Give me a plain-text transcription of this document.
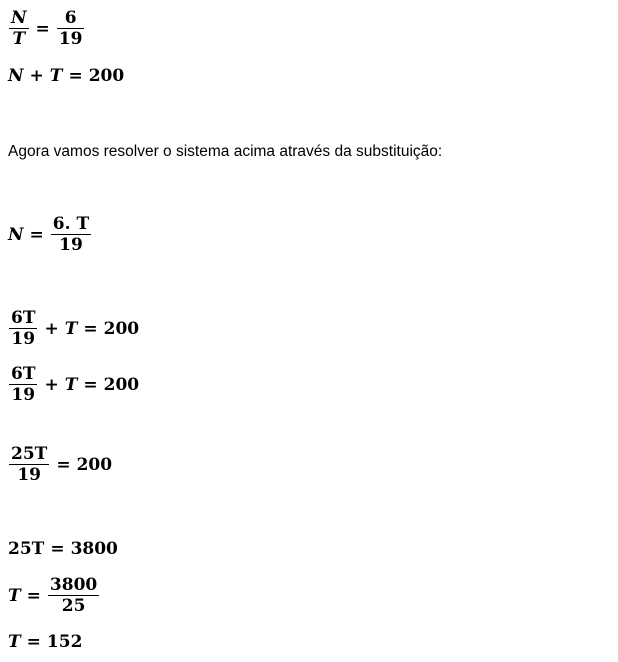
$\frac{N}{T} = \frac{6}{19}$
N + T = 200
Agora vamos resolver o sistema acima através da substituição:
$N = \frac{6. T}{19}$
$\frac{6T}{19} + T = 200$
$\frac{6T}{19} + T = 200$
$\frac{25T}{19} = 200$
25T = 3800
$T = \frac{3800}{25}$
T = 152
